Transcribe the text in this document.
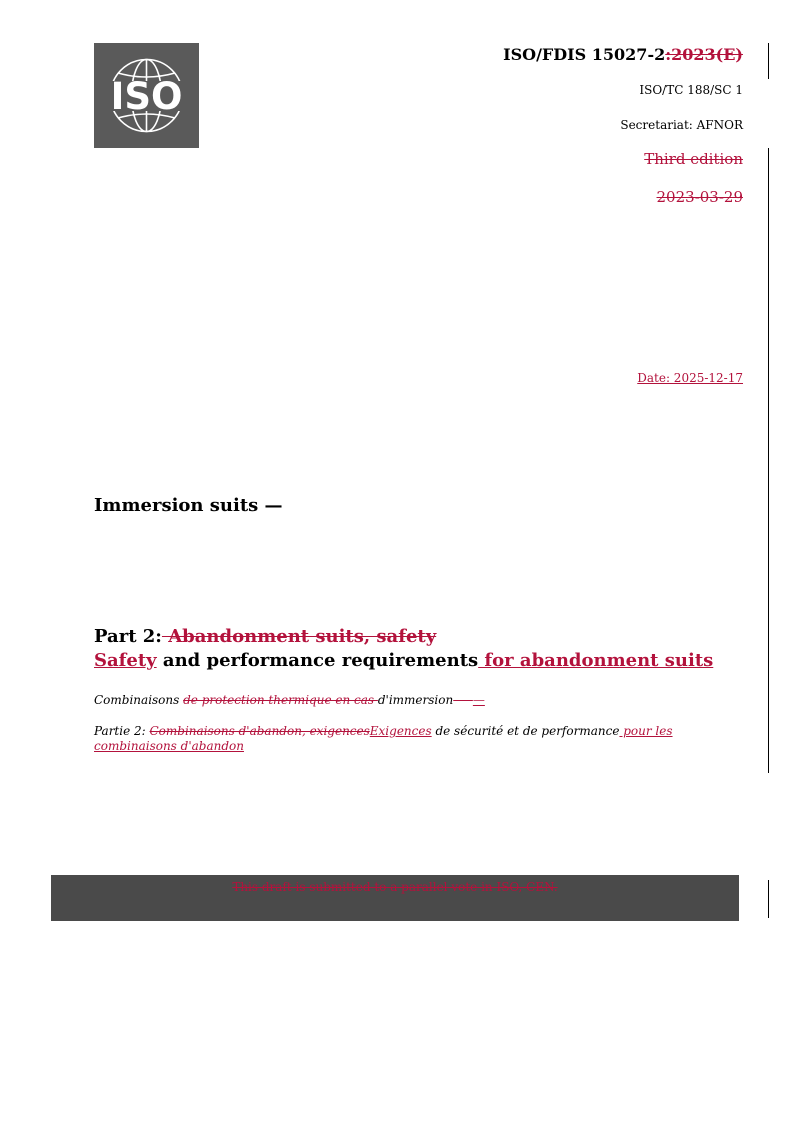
ISO
ISO/FDIS 15027-2:2023(E)
ISO/TC 188/SC 1
Secretariat: AFNOR
Third edition
2023-03-29
Date: 2025-12-17
Immersion suits —
Part 2: Abandonment suits, safety
Safety and performance requirements for abandonment suits
Combinaisons de protection thermique en cas d'immersion — —
Partie 2: Combinaisons d'abandon, exigencesExigences de sécurité et de performance pour les combinaisons d'abandon
This draft is submitted to a parallel vote in ISO, CEN.
